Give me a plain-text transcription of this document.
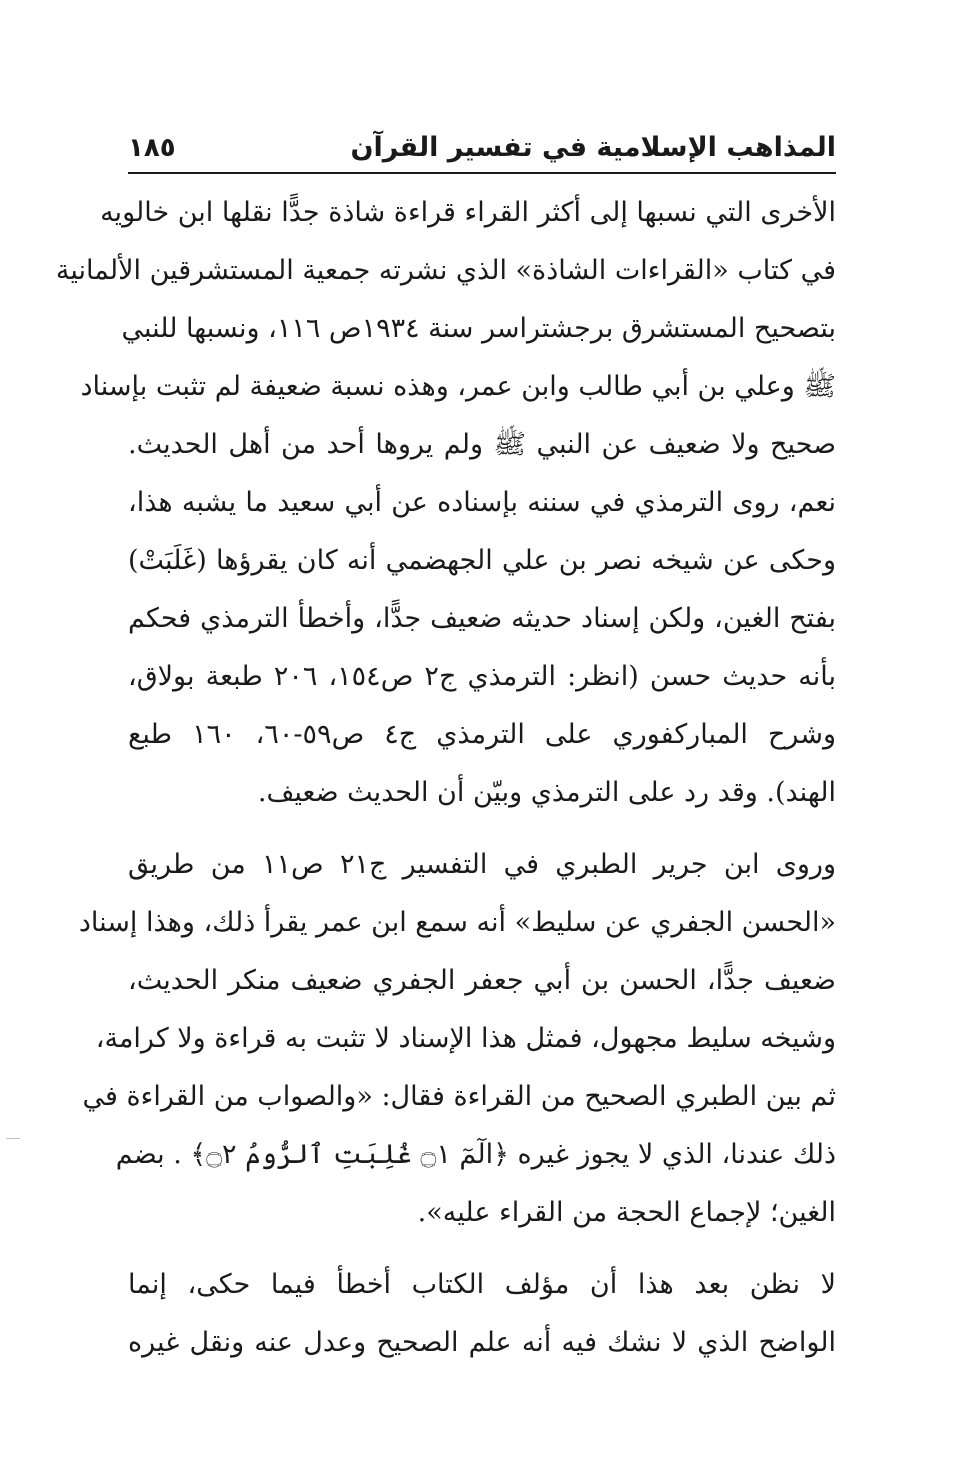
المذاهب الإسلامية في تفسير القرآن
١٨٥
الأخرى التي نسبها إلى أكثر القراء قراءة شاذة جدًّا نقلها ابن خالويه
في كتاب «القراءات الشاذة» الذي نشرته جمعية المستشرقين الألمانية
بتصحيح المستشرق برجشتراسر سنة ١٩٣٤ص ١١٦، ونسبها للنبي
ﷺ وعلي بن أبي طالب وابن عمر، وهذه نسبة ضعيفة لم تثبت بإسناد
صحيح ولا ضعيف عن النبي ﷺ ولم يروها أحد من أهل الحديث.
نعم، روى الترمذي في سننه بإسناده عن أبي سعيد ما يشبه هذا،
وحكى عن شيخه نصر بن علي الجهضمي أنه كان يقرؤها (غَلَبَتْ)
بفتح الغين، ولكن إسناد حديثه ضعيف جدًّا، وأخطأ الترمذي فحكم
بأنه حديث حسن (انظر: الترمذي ج٢ ص١٥٤، ٢٠٦ طبعة بولاق،
وشرح المباركفوري على الترمذي ج٤ ص٥٩-٦٠، ١٦٠ طبع
الهند). وقد رد على الترمذي وبيّن أن الحديث ضعيف.
وروى ابن جرير الطبري في التفسير ج٢١ ص١١ من طريق
«الحسن الجفري عن سليط» أنه سمع ابن عمر يقرأ ذلك، وهذا إسناد
ضعيف جدًّا، الحسن بن أبي جعفر الجفري ضعيف منكر الحديث،
وشيخه سليط مجهول، فمثل هذا الإسناد لا تثبت به قراءة ولا كرامة،
ثم بين الطبري الصحيح من القراءة فقال: «والصواب من القراءة في
ذلك عندنا، الذي لا يجوز غيره ﴿الٓمٓ ۝١ غُلِبَتِ ٱلرُّومُ ۝٢﴾ . بضم
الغين؛ لإجماع الحجة من القراء عليه».
لا نظن بعد هذا أن مؤلف الكتاب أخطأ فيما حكى، إنما
الواضح الذي لا نشك فيه أنه علم الصحيح وعدل عنه ونقل غيره
